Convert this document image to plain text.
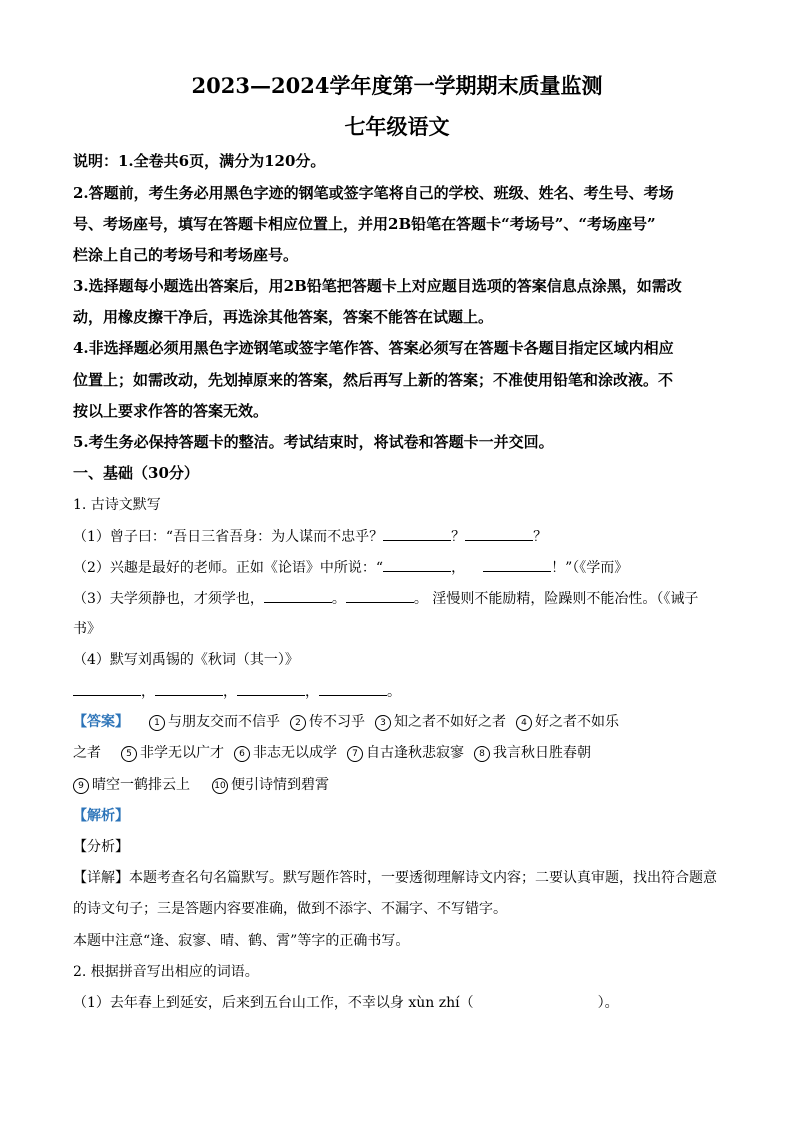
2023—2024学年度第一学期期末质量监测
七年级语文
说明：1.全卷共6页，满分为120分。
2.答题前，考生务必用黑色字迹的钢笔或签字笔将自己的学校、班级、姓名、考生号、考场
号、考场座号，填写在答题卡相应位置上，并用2B铅笔在答题卡“考场号”、“考场座号”
栏涂上自己的考场号和考场座号。
3.选择题每小题选出答案后，用2B铅笔把答题卡上对应题目选项的答案信息点涂黑，如需改
动，用橡皮擦干净后，再选涂其他答案，答案不能答在试题上。
4.非选择题必须用黑色字迹钢笔或签字笔作答、答案必须写在答题卡各题目指定区域内相应
位置上；如需改动，先划掉原来的答案，然后再写上新的答案；不准使用铅笔和涂改液。不
按以上要求作答的答案无效。
5.考生务必保持答题卡的整洁。考试结束时，将试卷和答题卡一并交回。
一、基础（30分）
1. 古诗文默写
（1）曾子曰：“吾日三省吾身：为人谋而不忠乎？	？	？
（2）兴趣是最好的老师。正如《论语》中所说：“	，	！”（《学而》
（3）夫学须静也，才须学也，	。	。 淫慢则不能励精，险躁则不能冶性。（《诫子
书》
（4）默写刘禹锡的《秋词（其一）》
，	，	，	。
【答案】	1 与朋友交而不信乎 2 传不习乎 3 知之者不如好之者 4 好之者不如乐
之者	5 非学无以广才 6 非志无以成学 7 自古逢秋悲寂寥 8 我言秋日胜春朝
9 晴空一鹤排云上	10 便引诗情到碧霄
【解析】
【分析】
【详解】本题考查名句名篇默写。默写题作答时，一要透彻理解诗文内容；二要认真审题，找出符合题意
的诗文句子；三是答题内容要准确，做到不添字、不漏字、不写错字。
本题中注意“逢、寂寥、晴、鹤、霄”等字的正确书写。
2. 根据拼音写出相应的词语。
（1）去年春上到延安，后来到五台山工作，不幸以身 xùn zhí（	）。
